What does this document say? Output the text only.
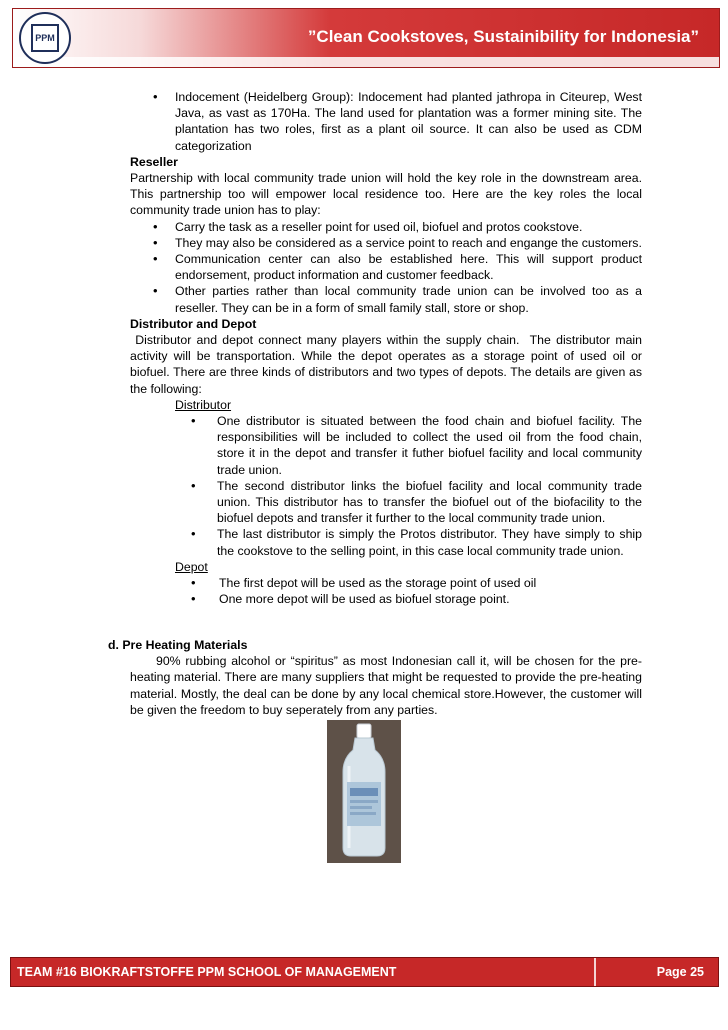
PPM	”Clean Cookstoves, Sustainibility for Indonesia”
• Indocement (Heidelberg Group): Indocement had planted jathropa in Citeurep, West Java, as vast as 170Ha. The land used for plantation was a former mining site. The plantation has two roles, first as a plant oil source. It can also be used as CDM categorization

Reseller

Partnership with local community trade union will hold the key role in the downstream area. This partnership too will empower local residence too. Here are the key roles the local community trade union has to play:

• Carry the task as a reseller point for used oil, biofuel and protos cookstove.
• They may also be considered as a service point to reach and engange the customers.
• Communication center can also be established here. This will support product endorsement, product information and customer feedback.
• Other parties rather than local community trade union can be involved too as a reseller. They can be in a form of small family stall, store or shop.

Distributor and Depot

Distributor and depot connect many players within the supply chain.  The distributor main activity will be transportation. While the depot operates as a storage point of used oil or biofuel. There are three kinds of distributors and two types of depots. The details are given as the following:

Distributor

• One distributor is situated between the food chain and biofuel facility. The responsibilities will be included to collect the used oil from the food chain, store it in the depot and transfer it futher biofuel facility and local community trade union.
• The second distributor links the biofuel facility and local community trade union. This distributor has to transfer the biofuel out of the biofacility to the biofuel depots and transfer it further to the local community trade union.
• The last distributor is simply the Protos distributor. They have simply to ship the cookstove to the selling point, in this case local community trade union.

Depot

• The first depot will be used as the storage point of used oil
• One more depot will be used as biofuel storage point.
d. Pre Heating Materials

90% rubbing alcohol or “spiritus” as most Indonesian call it, will be chosen for the pre-heating material. There are many suppliers that might be requested to provide the pre-heating material. Mostly, the deal can be done by any local chemical store.However, the customer will be given the freedom to buy seperately from any parties.

TEAM #16 BIOKRAFTSTOFFE PPM SCHOOL OF MANAGEMENT	Page 25
